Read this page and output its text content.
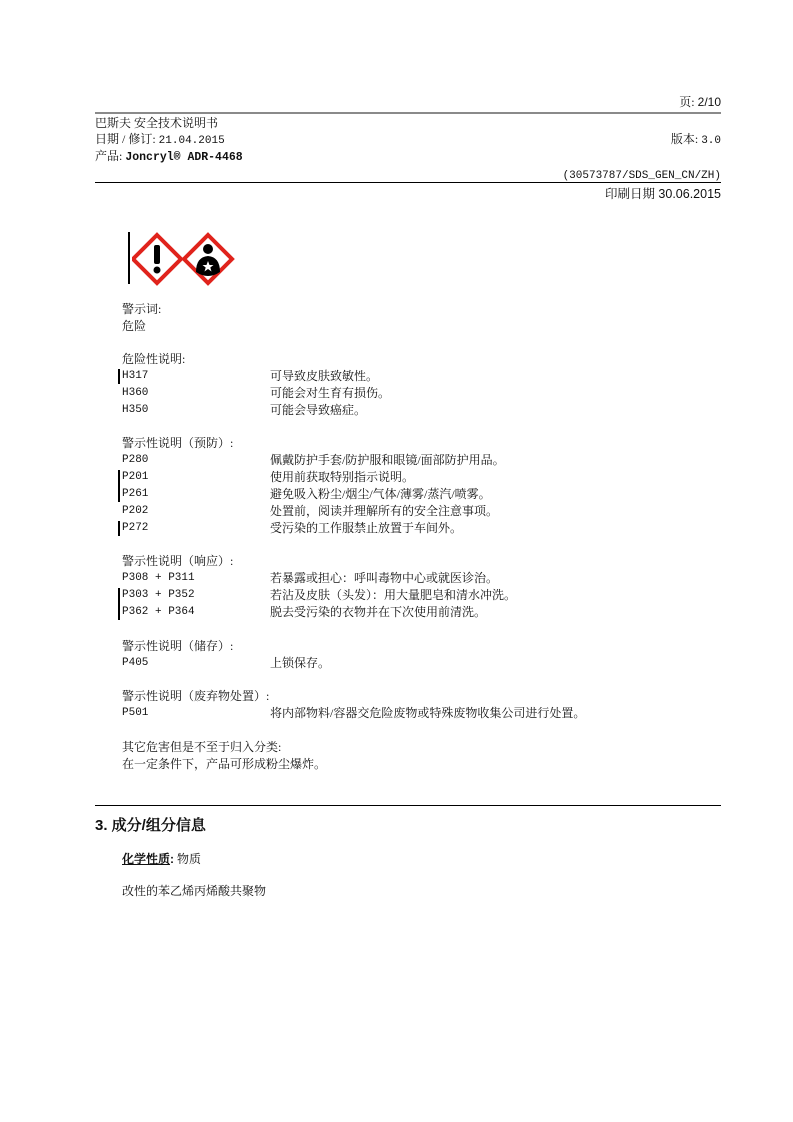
页: 2/10
巴斯夫 安全技术说明书
日期 / 修订: 21.04.2015	版本: 3.0
产品: Joncryl® ADR-4468
(30573787/SDS_GEN_CN/ZH)
印刷日期 30.06.2015
警示词:
危险
危险性说明:
H317	可导致皮肤致敏性。
H360	可能会对生育有损伤。
H350	可能会导致癌症。
警示性说明（预防）:
P280	佩戴防护手套/防护服和眼镜/面部防护用品。
P201	使用前获取特别指示说明。
P261	避免吸入粉尘/烟尘/气体/薄雾/蒸汽/喷雾。
P202	处置前，阅读并理解所有的安全注意事项。
P272	受污染的工作服禁止放置于车间外。
警示性说明（响应）:
P308 + P311	若暴露或担心：呼叫毒物中心或就医诊治。
P303 + P352	若沾及皮肤（头发）：用大量肥皂和清水冲洗。
P362 + P364	脱去受污染的衣物并在下次使用前清洗。
警示性说明（储存）:
P405	上锁保存。
警示性说明（废弃物处置）:
P501	将内部物料/容器交危险废物或特殊废物收集公司进行处置。
其它危害但是不至于归入分类:
在一定条件下，产品可形成粉尘爆炸。
3. 成分/组分信息
化学性质: 物质
改性的苯乙烯丙烯酸共聚物
